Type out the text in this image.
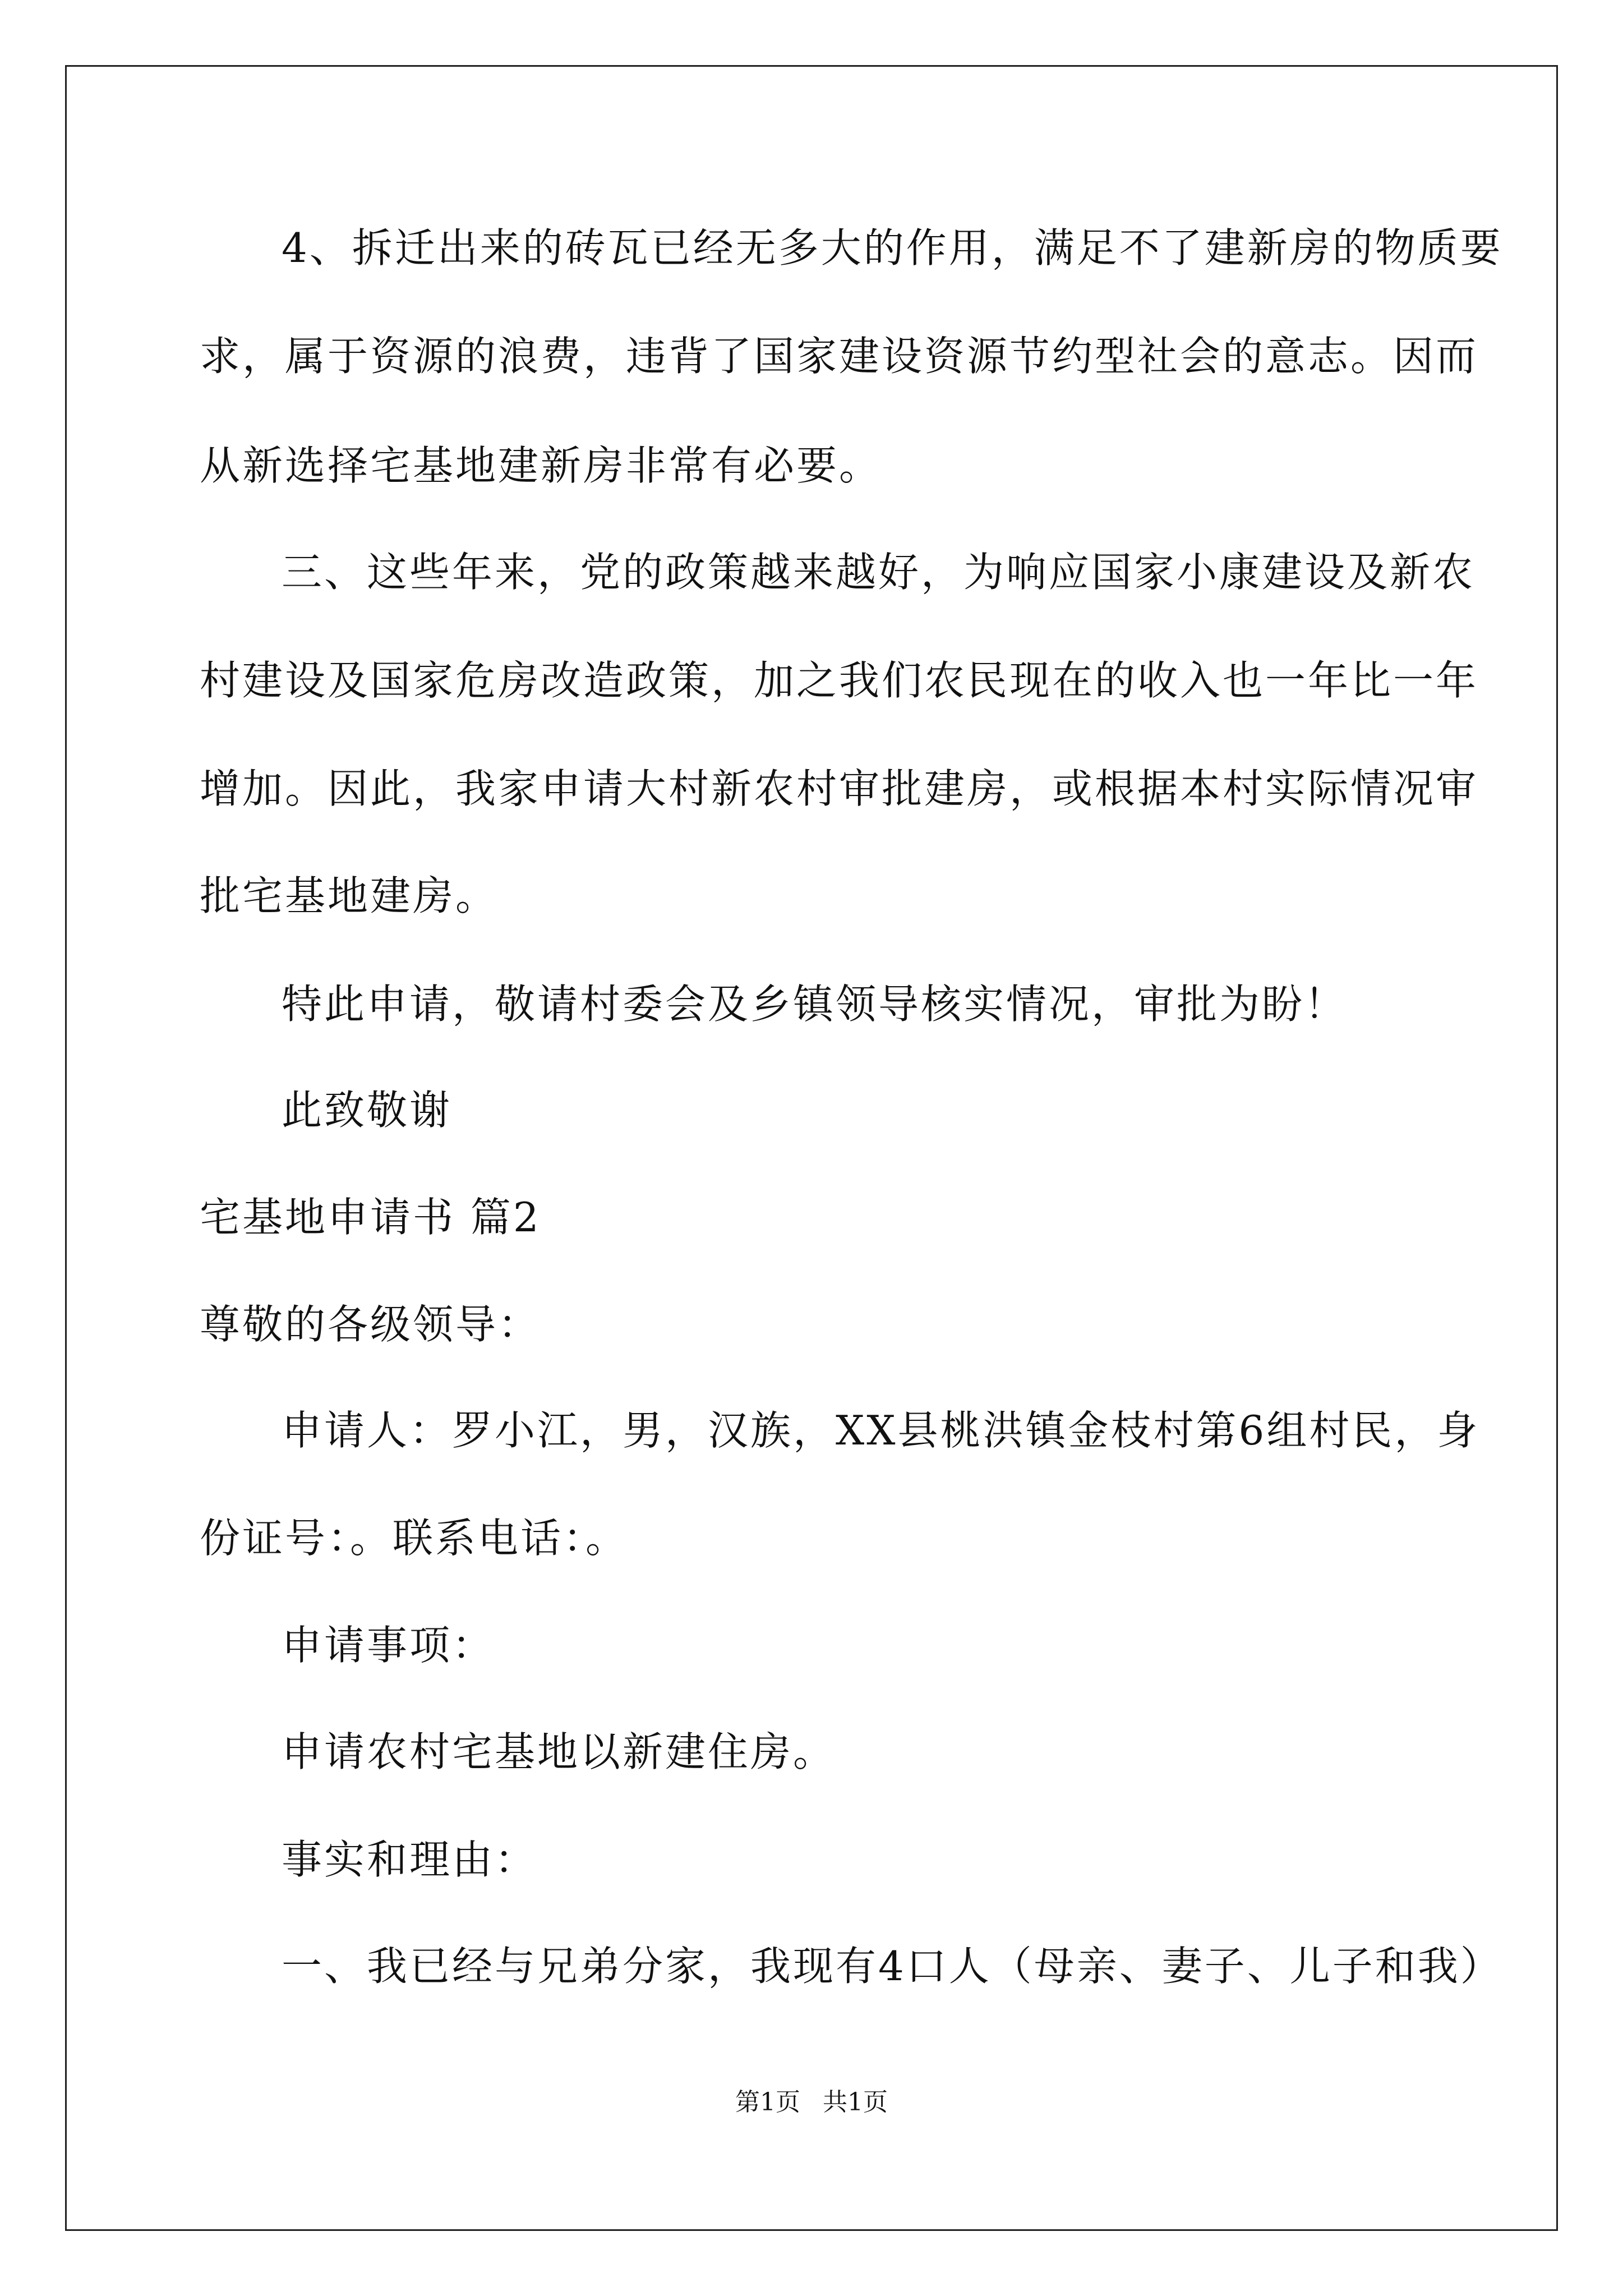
4、拆迁出来的砖瓦已经无多大的作用，满足不了建新房的物质要
求，属于资源的浪费，违背了国家建设资源节约型社会的意志。因而
从新选择宅基地建新房非常有必要。
三、这些年来，党的政策越来越好，为响应国家小康建设及新农
村建设及国家危房改造政策，加之我们农民现在的收入也一年比一年
增加。因此，我家申请大村新农村审批建房，或根据本村实际情况审
批宅基地建房。
特此申请，敬请村委会及乡镇领导核实情况，审批为盼！
此致敬谢
宅基地申请书 篇2
尊敬的各级领导：
申请人：罗小江，男，汉族，XX县桃洪镇金枝村第6组村民，身
份证号：。联系电话：。
申请事项：
申请农村宅基地以新建住房。
事实和理由：
一、我已经与兄弟分家，我现有4口人（母亲、妻子、儿子和我）
第1页 共1页
